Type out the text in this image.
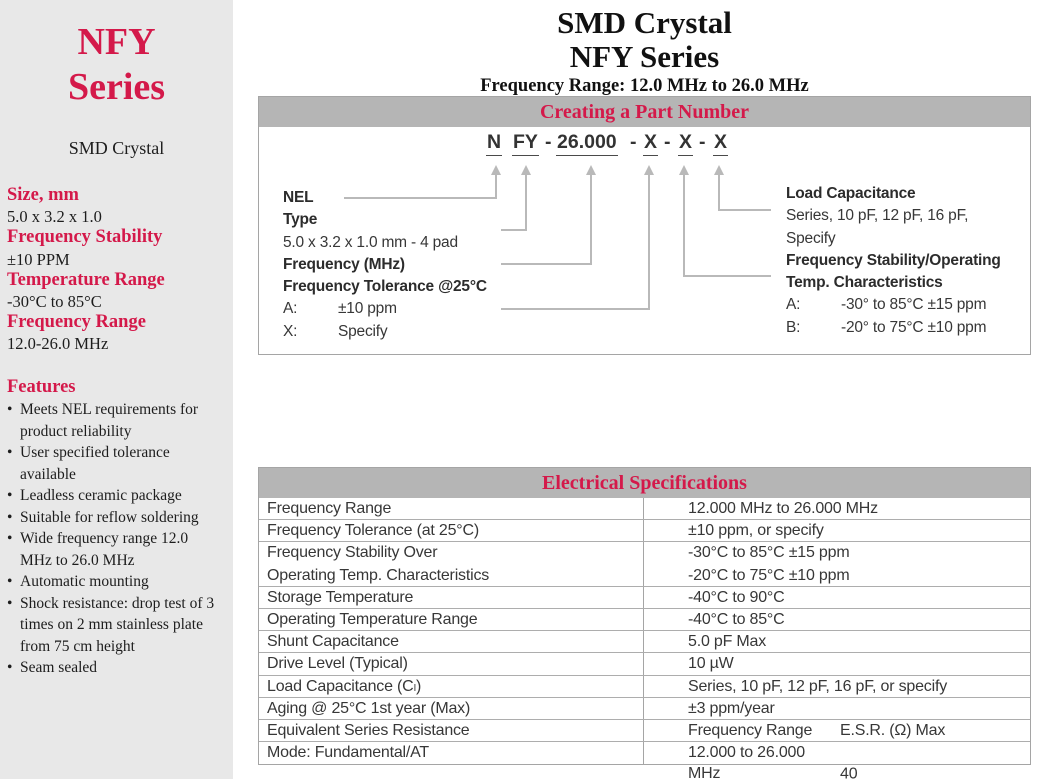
NFY
Series
SMD Crystal
Size, mm
5.0 x 3.2 x 1.0
Frequency Stability
±10 PPM
Temperature Range
-30°C to 85°C
Frequency Range
12.0-26.0 MHz
Features
• Meets NEL requirements for product reliability
• User specified tolerance available
• Leadless ceramic package
• Suitable for reflow soldering
• Wide frequency range 12.0 MHz to 26.0 MHz
• Automatic mounting
• Shock resistance: drop test of 3 times on 2 mm stainless plate from 75 cm height
• Seam sealed
SMD Crystal
NFY Series
Frequency Range: 12.0 MHz to 26.0 MHz
Creating a Part Number
N FY - 26.000 - X - X - X
NEL
Type
5.0 x 3.2 x 1.0 mm - 4 pad
Frequency (MHz)
Frequency Tolerance @25°C
A:	±10 ppm
X:	Specify
Load Capacitance
Series, 10 pF, 12 pF, 16 pF,
Specify
Frequency Stability/Operating
Temp. Characteristics
A:	-30° to 85°C ±15 ppm
B:	-20° to 75°C ±10 ppm
Electrical Specifications
Frequency Range	12.000 MHz to 26.000 MHz
Frequency Tolerance (at 25°C)	±10 ppm, or specify
Frequency Stability Over	-30°C to 85°C ±15 ppm
Operating Temp. Characteristics	-20°C to 75°C ±10 ppm
Storage Temperature	-40°C to 90°C
Operating Temperature Range	-40°C to 85°C
Shunt Capacitance	5.0 pF Max
Drive Level (Typical)	10 µW
Load Capacitance (Cₗ)	Series, 10 pF, 12 pF, 16 pF, or specify
Aging @ 25°C 1st year (Max)	±3 ppm/year
Equivalent Series Resistance	Frequency Range E.S.R. (Ω) Max
Mode: Fundamental/AT	12.000 to 26.000 MHz	40
